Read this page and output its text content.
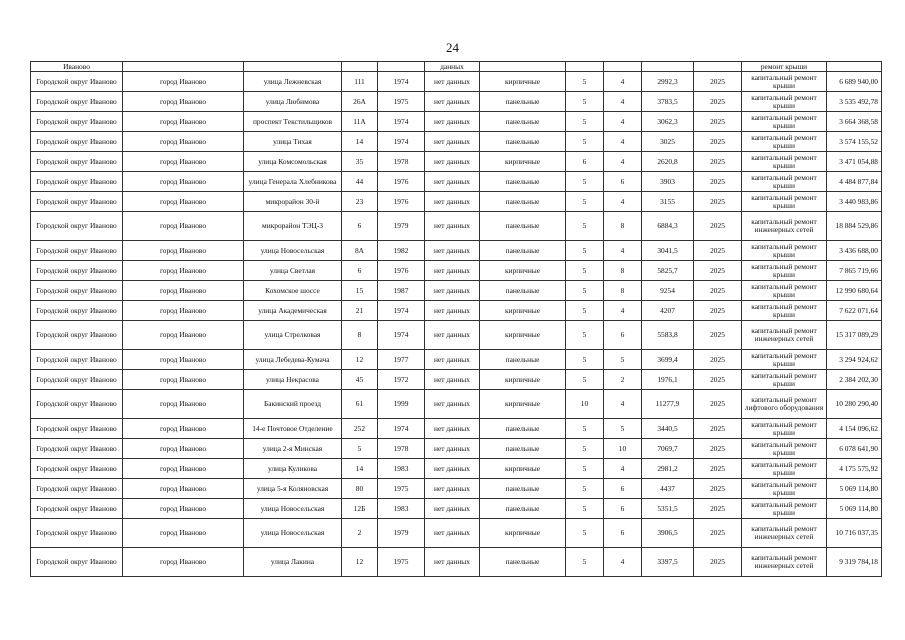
24
Иваново					данных						ремонт крыши	
Городской округ Иваново	город Иваново	улица Лежневская	111	1974	нет данных	кирпичные	5	4	2992,3	2025	капитальный ремонт крыши	6 689 940,00
Городской округ Иваново	город Иваново	улица Любимова	26А	1975	нет данных	панельные	5	4	3783,5	2025	капитальный ремонт крыши	3 535 492,78
Городской округ Иваново	город Иваново	проспект Текстильщиков	11А	1974	нет данных	панельные	5	4	3062,3	2025	капитальный ремонт крыши	3 664 368,58
Городской округ Иваново	город Иваново	улица Тихая	14	1974	нет данных	панельные	5	4	3025	2025	капитальный ремонт крыши	3 574 155,52
Городской округ Иваново	город Иваново	улица Комсомольская	35	1978	нет данных	кирпичные	6	4	2620,8	2025	капитальный ремонт крыши	3 471 054,88
Городской округ Иваново	город Иваново	улица Генерала Хлебникова	44	1976	нет данных	панельные	5	6	3903	2025	капитальный ремонт крыши	4 484 877,84
Городской округ Иваново	город Иваново	микрорайон 30-й	23	1976	нет данных	панельные	5	4	3155	2025	капитальный ремонт крыши	3 440 983,86
Городской округ Иваново	город Иваново	микрорайон ТЭЦ-3	6	1979	нет данных	панельные	5	8	6884,3	2025	капитальный ремонт инженерных сетей	18 884 529,86
Городской округ Иваново	город Иваново	улица Новосельская	8А	1982	нет данных	панельные	5	4	3041,5	2025	капитальный ремонт крыши	3 436 688,00
Городской округ Иваново	город Иваново	улица Светлая	6	1976	нет данных	кирпичные	5	8	5825,7	2025	капитальный ремонт крыши	7 865 719,66
Городской округ Иваново	город Иваново	Кохомское шоссе	15	1987	нет данных	панельные	5	8	9254	2025	капитальный ремонт крыши	12 990 680,64
Городской округ Иваново	город Иваново	улица Академическая	21	1974	нет данных	кирпичные	5	4	4207	2025	капитальный ремонт крыши	7 622 071,64
Городской округ Иваново	город Иваново	улица Стрелковая	8	1974	нет данных	кирпичные	5	6	5583,8	2025	капитальный ремонт инженерных сетей	15 317 089,29
Городской округ Иваново	город Иваново	улица Лебедева-Кумача	12	1977	нет данных	панельные	5	5	3699,4	2025	капитальный ремонт крыши	3 294 924,62
Городской округ Иваново	город Иваново	улица Некрасова	45	1972	нет данных	кирпичные	5	2	1976,1	2025	капитальный ремонт крыши	2 384 202,30
Городской округ Иваново	город Иваново	Бакинский проезд	61	1999	нет данных	кирпичные	10	4	11277,9	2025	капитальный ремонт лифтового оборудования	10 280 290,40
Городской округ Иваново	город Иваново	14-е Почтовое Отделение	252	1974	нет данных	панельные	5	5	3440,5	2025	капитальный ремонт крыши	4 154 096,62
Городской округ Иваново	город Иваново	улица 2-я Минская	5	1978	нет данных	панельные	5	10	7069,7	2025	капитальный ремонт крыши	6 078 641,90
Городской округ Иваново	город Иваново	улица Куликова	14	1983	нет данных	кирпичные	5	4	2981,2	2025	капитальный ремонт крыши	4 175 575,92
Городской округ Иваново	город Иваново	улица 5-я Коляновская	80	1975	нет данных	панельные	5	6	4437	2025	капитальный ремонт крыши	5 069 114,80
Городской округ Иваново	город Иваново	улица Новосельская	12Б	1983	нет данных	панельные	5	6	5351,5	2025	капитальный ремонт крыши	5 069 114,80
Городской округ Иваново	город Иваново	улица Новосельская	2	1979	нет данных	кирпичные	5	6	3906,5	2025	капитальный ремонт инженерных сетей	10 716 037,35
Городской округ Иваново	город Иваново	улица Лакина	12	1975	нет данных	панельные	5	4	3397,5	2025	капитальный ремонт инженерных сетей	9 319 784,18
